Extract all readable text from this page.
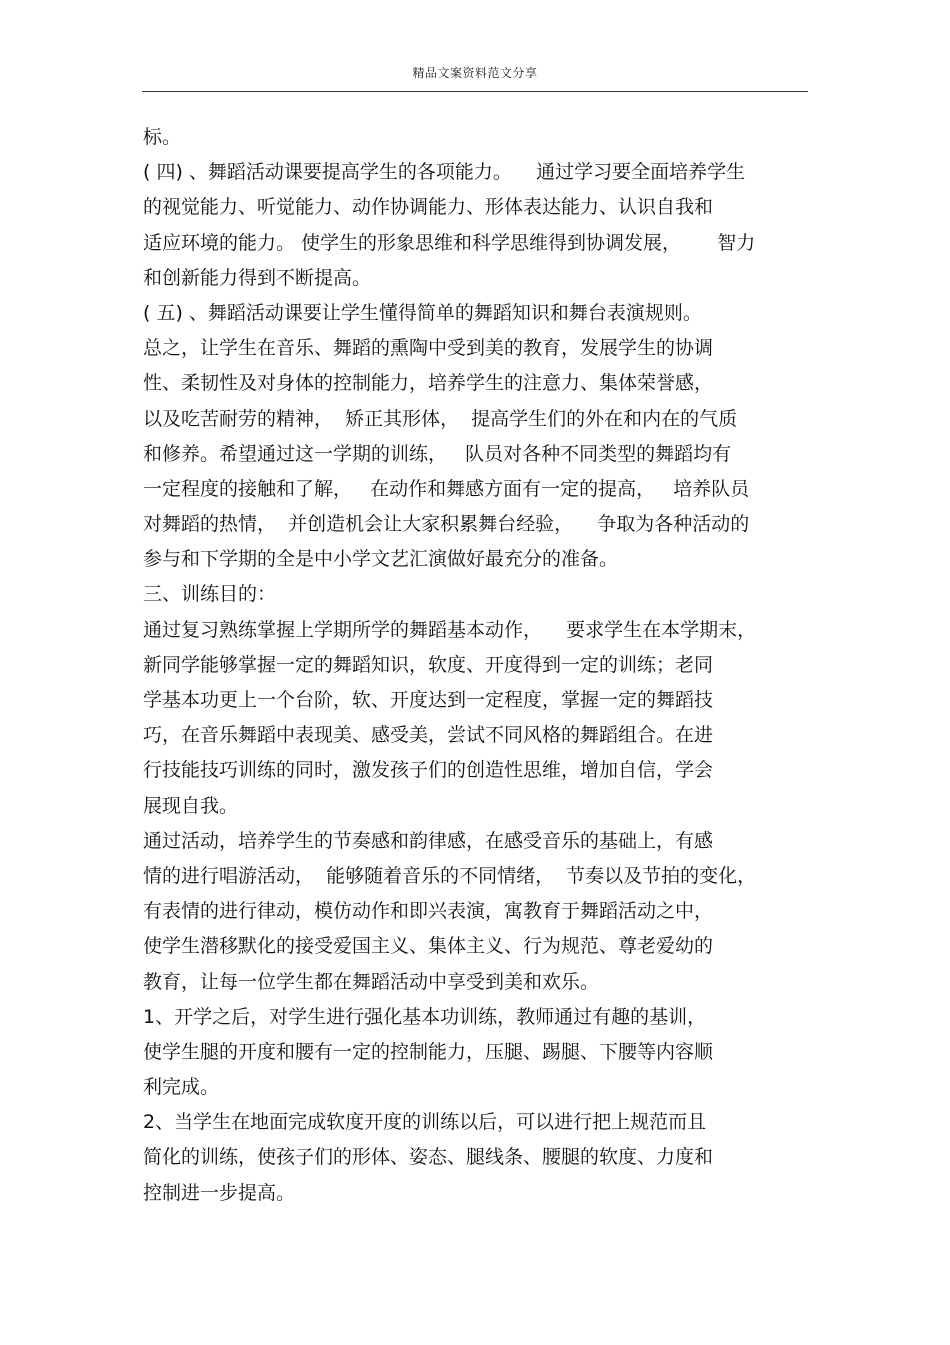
精品文案资料范文分享
标。
( 四) 、舞蹈活动课要提高学生的各项能力。    通过学习要全面培养学生
的视觉能力、听觉能力、动作协调能力、形体表达能力、认识自我和
适应环境的能力。 使学生的形象思维和科学思维得到协调发展，      智力
和创新能力得到不断提高。
( 五) 、舞蹈活动课要让学生懂得简单的舞蹈知识和舞台表演规则。
总之，让学生在音乐、舞蹈的熏陶中受到美的教育，发展学生的协调
性、柔韧性及对身体的控制能力，培养学生的注意力、集体荣誉感，
以及吃苦耐劳的精神，  矫正其形体，  提高学生们的外在和内在的气质
和修养。希望通过这一学期的训练，   队员对各种不同类型的舞蹈均有
一定程度的接触和了解，   在动作和舞感方面有一定的提高，   培养队员
对舞蹈的热情，  并创造机会让大家积累舞台经验，    争取为各种活动的
参与和下学期的全是中小学文艺汇演做好最充分的准备。
三、训练目的：
通过复习熟练掌握上学期所学的舞蹈基本动作，    要求学生在本学期末，
新同学能够掌握一定的舞蹈知识，软度、开度得到一定的训练；老同
学基本功更上一个台阶，软、开度达到一定程度，掌握一定的舞蹈技
巧，在音乐舞蹈中表现美、感受美，尝试不同风格的舞蹈组合。在进
行技能技巧训练的同时，激发孩子们的创造性思维，增加自信，学会
展现自我。
通过活动，培养学生的节奏感和韵律感，在感受音乐的基础上，有感
情的进行唱游活动，  能够随着音乐的不同情绪，  节奏以及节拍的变化，
有表情的进行律动，模仿动作和即兴表演，寓教育于舞蹈活动之中，
使学生潜移默化的接受爱国主义、集体主义、行为规范、尊老爱幼的
教育，让每一位学生都在舞蹈活动中享受到美和欢乐。
1、开学之后，对学生进行强化基本功训练，教师通过有趣的基训，
使学生腿的开度和腰有一定的控制能力，压腿、踢腿、下腰等内容顺
利完成。
2、当学生在地面完成软度开度的训练以后，可以进行把上规范而且
简化的训练，使孩子们的形体、姿态、腿线条、腰腿的软度、力度和
控制进一步提高。
